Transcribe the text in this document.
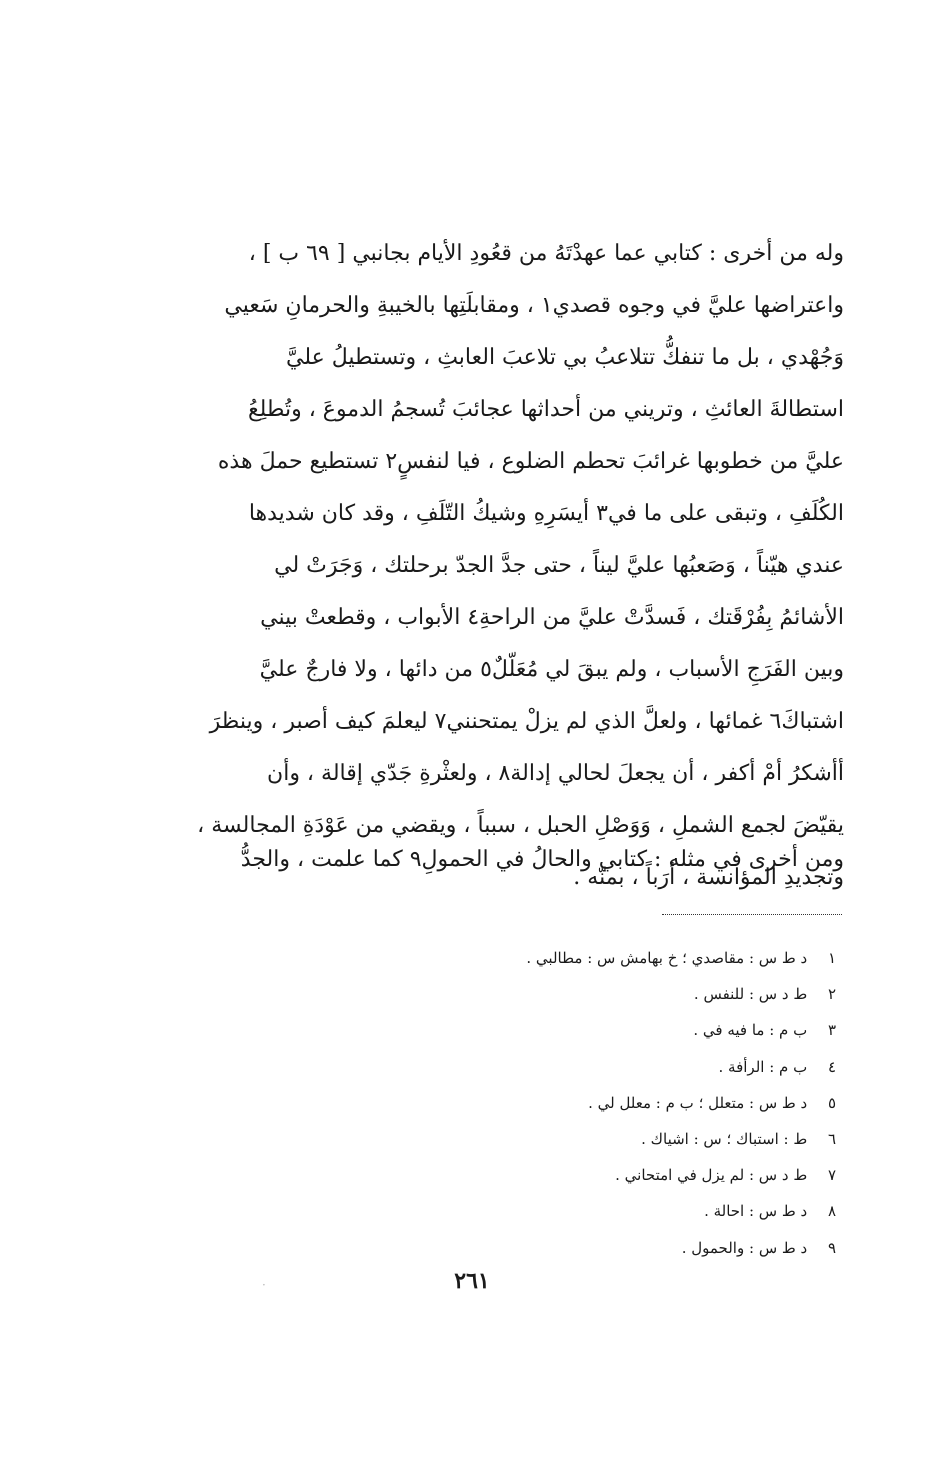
وله من أخرى : كتابي عما عهدْتَهُ من قعُودِ الأيام بجانبي [ ٦٩ ب ] ،
واعتراضها عليَّ في وجوه قصدي١ ، ومقابلَتِها بالخيبةِ والحرمانِ سَعيي
وَجُهْدي ، بل ما تنفكُّ تتلاعبُ بي تلاعبَ العابثِ ، وتستطيلُ عليَّ
استطالةَ العائثِ ، وتريني من أحداثها عجائبَ تُسجمُ الدموعَ ، وتُطلِعُ
عليَّ من خطوبها غرائبَ تحطم الضلوع ، فيا لنفسٍ٢ تستطيع حملَ هذه
الكُلَفِ ، وتبقى على ما في٣ أيسَرِهِ وشيكُ التّلَفِ ، وقد كان شديدها
عندي هيّناً ، وَصَعبُها عليَّ ليناً ، حتى جدَّ الجدّ برحلتك ، وَجَرَتْ لي
الأشائمُ بِفُرْقَتك ، فَسدَّتْ عليَّ من الراحةِ٤ الأبواب ، وقطعتْ بيني
وبين الفَرَجِ الأسباب ، ولم يبقَ لي مُعَلّلٌ٥ من دائها ، ولا فارجٌ عليَّ
اشتباكَ٦ غمائها ، ولعلَّ الذي لم يزلْ يمتحنني٧ ليعلمَ كيف أصبر ، وينظرَ
أأشكرُ أمْ أكفر ، أن يجعلَ لحالي إدالة٨ ، ولعثْرةِ جَدّي إقالة ، وأن
يقيّضَ لجمع الشملِ ، وَوَصْلِ الحبل ، سبباً ، ويقضي من عَوْدَةِ المجالسة ،
وتجديدِ المؤانسة ، أرَباً ، بمنّه .
ومن أخرى في مثله : كتابي والحالُ في الحمولِ٩ كما علمت ، والجدُّ
١ د ط س : مقاصدي ؛ خ بهامش س : مطالبي .
٢ ط د س : للنفس .
٣ ب م : ما فيه في .
٤ ب م : الرأفة .
٥ د ط س : متعلل ؛ ب م : معلل لي .
٦ ط : استباك ؛ س : اشياك .
٧ ط د س : لم يزل في امتحاني .
٨ د ط س : احالة .
٩ د ط س : والحمول .
٢٦١
·
